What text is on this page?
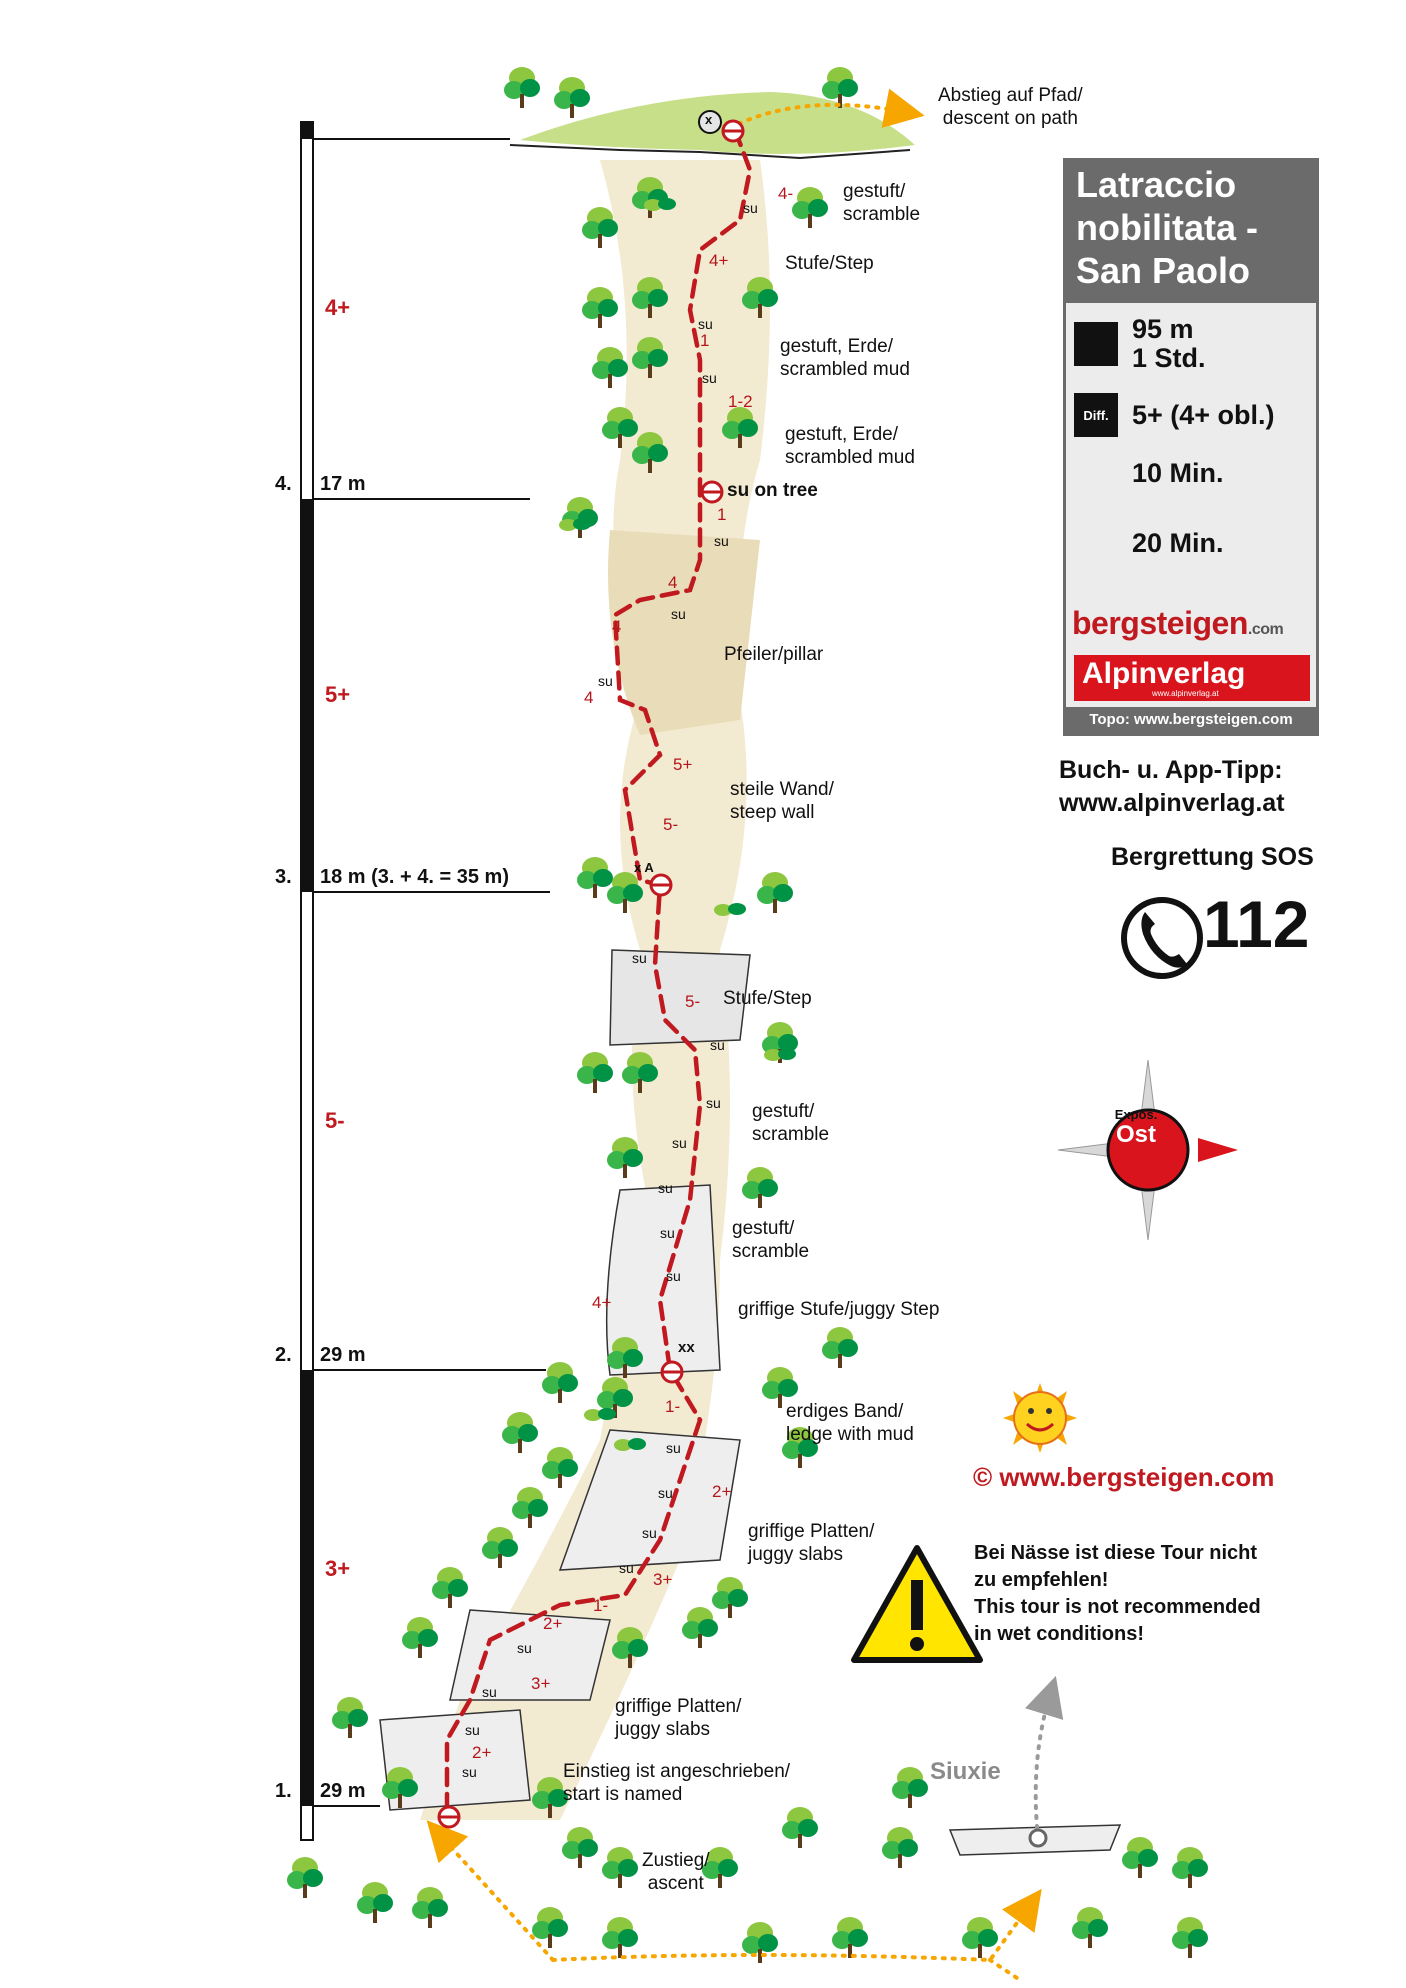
4. 17 m
3. 18 m (3. + 4. = 35 m)
2. 29 m
1. 29 m
4+
5+
5-
3+
Abstieg auf Pfad/
descent on path
gestuft/
scramble
Stufe/Step
gestuft, Erde/
scrambled mud
gestuft, Erde/
scrambled mud
su on tree
Pfeiler/pillar
steile Wand/
steep wall
Stufe/Step
gestuft/
scramble
gestuft/
scramble
griffige Stufe/juggy Step
erdiges Band/
ledge with mud
griffige Platten/
juggy slabs
griffige Platten/
juggy slabs
Einstieg ist angeschrieben/
start is named
Zustieg/
ascent
4-
4+
1
1-2
1
4
4
4
5+
5-
5-
4+
1-
2+
3+
1-
2+
3+
2+
x
xx
x A
Latraccio
nobilitata -
San Paolo
95 m
1 Std.
Diff. 5+ (4+ obl.)
10 Min.
20 Min.
bergsteigen.com
Alpinverlag
www.alpinverlag.at
Topo: www.bergsteigen.com
Buch- u. App-Tipp:
www.alpinverlag.at
Bergrettung SOS
112
Expos.
Ost
© www.bergsteigen.com
Bei Nässe ist diese Tour nicht
zu empfehlen!
This tour is not recommended
in wet conditions!
Siuxie
su
su
su
su
su
su
su
su
su
su
su
su
su
su
su
su
su
su
su
su
su
